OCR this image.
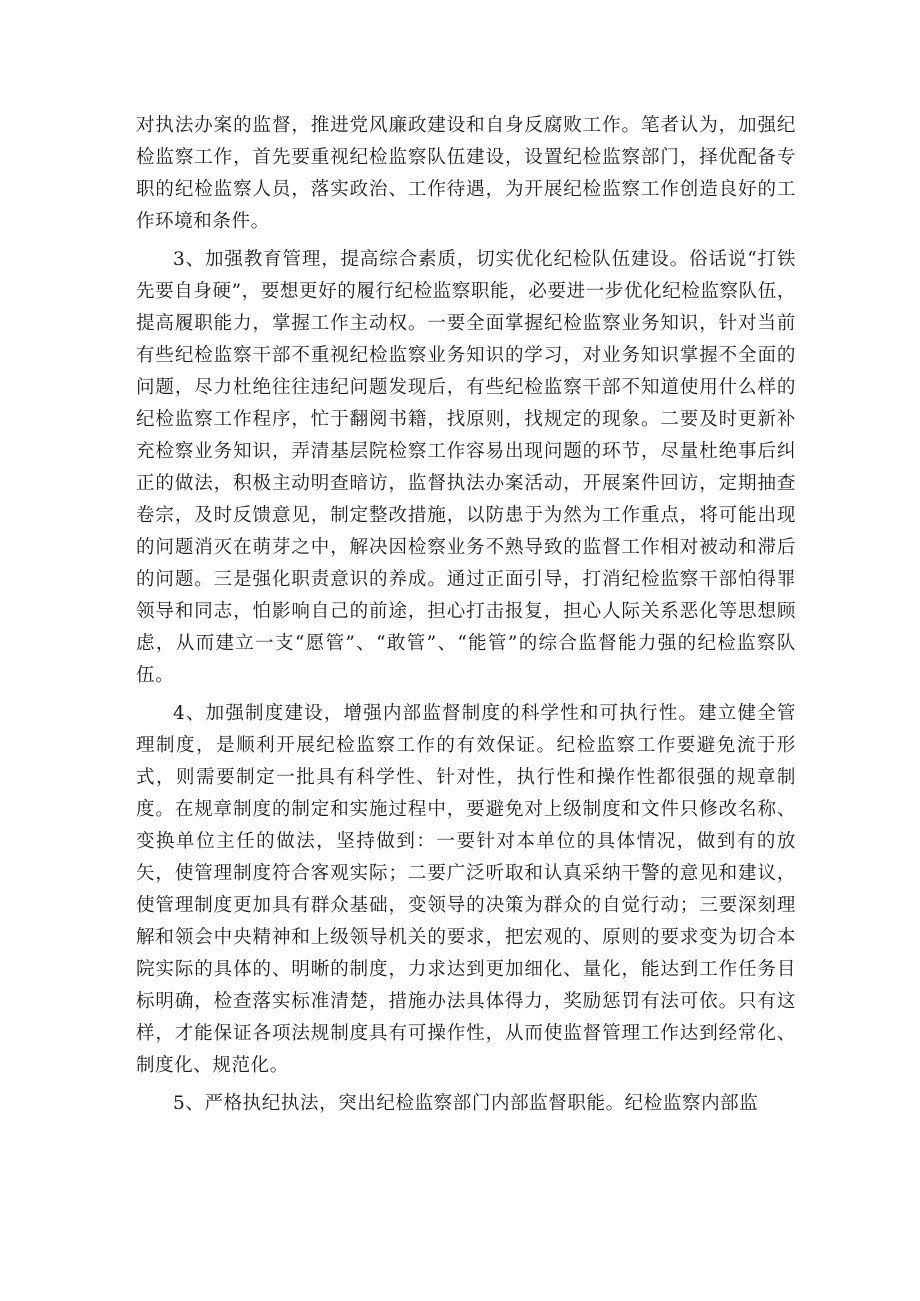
对执法办案的监督，推进党风廉政建设和自身反腐败工作。笔者认为，加强纪检监察工作，首先要重视纪检监察队伍建设，设置纪检监察部门，择优配备专职的纪检监察人员，落实政治、工作待遇，为开展纪检监察工作创造良好的工作环境和条件。

3、加强教育管理，提高综合素质，切实优化纪检队伍建设。俗话说“打铁先要自身硬”，要想更好的履行纪检监察职能，必要进一步优化纪检监察队伍，提高履职能力，掌握工作主动权。一要全面掌握纪检监察业务知识，针对当前有些纪检监察干部不重视纪检监察业务知识的学习，对业务知识掌握不全面的问题，尽力杜绝往往违纪问题发现后，有些纪检监察干部不知道使用什么样的纪检监察工作程序，忙于翻阅书籍，找原则，找规定的现象。二要及时更新补充检察业务知识，弄清基层院检察工作容易出现问题的环节，尽量杜绝事后纠正的做法，积极主动明查暗访，监督执法办案活动，开展案件回访，定期抽查卷宗，及时反馈意见，制定整改措施，以防患于为然为工作重点，将可能出现的问题消灭在萌芽之中，解决因检察业务不熟导致的监督工作相对被动和滞后的问题。三是强化职责意识的养成。通过正面引导，打消纪检监察干部怕得罪领导和同志，怕影响自己的前途，担心打击报复，担心人际关系恶化等思想顾虑，从而建立一支“愿管”、“敢管”、“能管”的综合监督能力强的纪检监察队伍。

4、加强制度建设，增强内部监督制度的科学性和可执行性。建立健全管理制度，是顺利开展纪检监察工作的有效保证。纪检监察工作要避免流于形式，则需要制定一批具有科学性、针对性，执行性和操作性都很强的规章制度。在规章制度的制定和实施过程中，要避免对上级制度和文件只修改名称、变换单位主任的做法，坚持做到：一要针对本单位的具体情况，做到有的放矢，使管理制度符合客观实际；二要广泛听取和认真采纳干警的意见和建议，使管理制度更加具有群众基础，变领导的决策为群众的自觉行动；三要深刻理解和领会中央精神和上级领导机关的要求，把宏观的、原则的要求变为切合本院实际的具体的、明晰的制度，力求达到更加细化、量化，能达到工作任务目标明确，检查落实标准清楚，措施办法具体得力，奖励惩罚有法可依。只有这样，才能保证各项法规制度具有可操作性，从而使监督管理工作达到经常化、制度化、规范化。

5、严格执纪执法，突出纪检监察部门内部监督职能。纪检监察内部监
